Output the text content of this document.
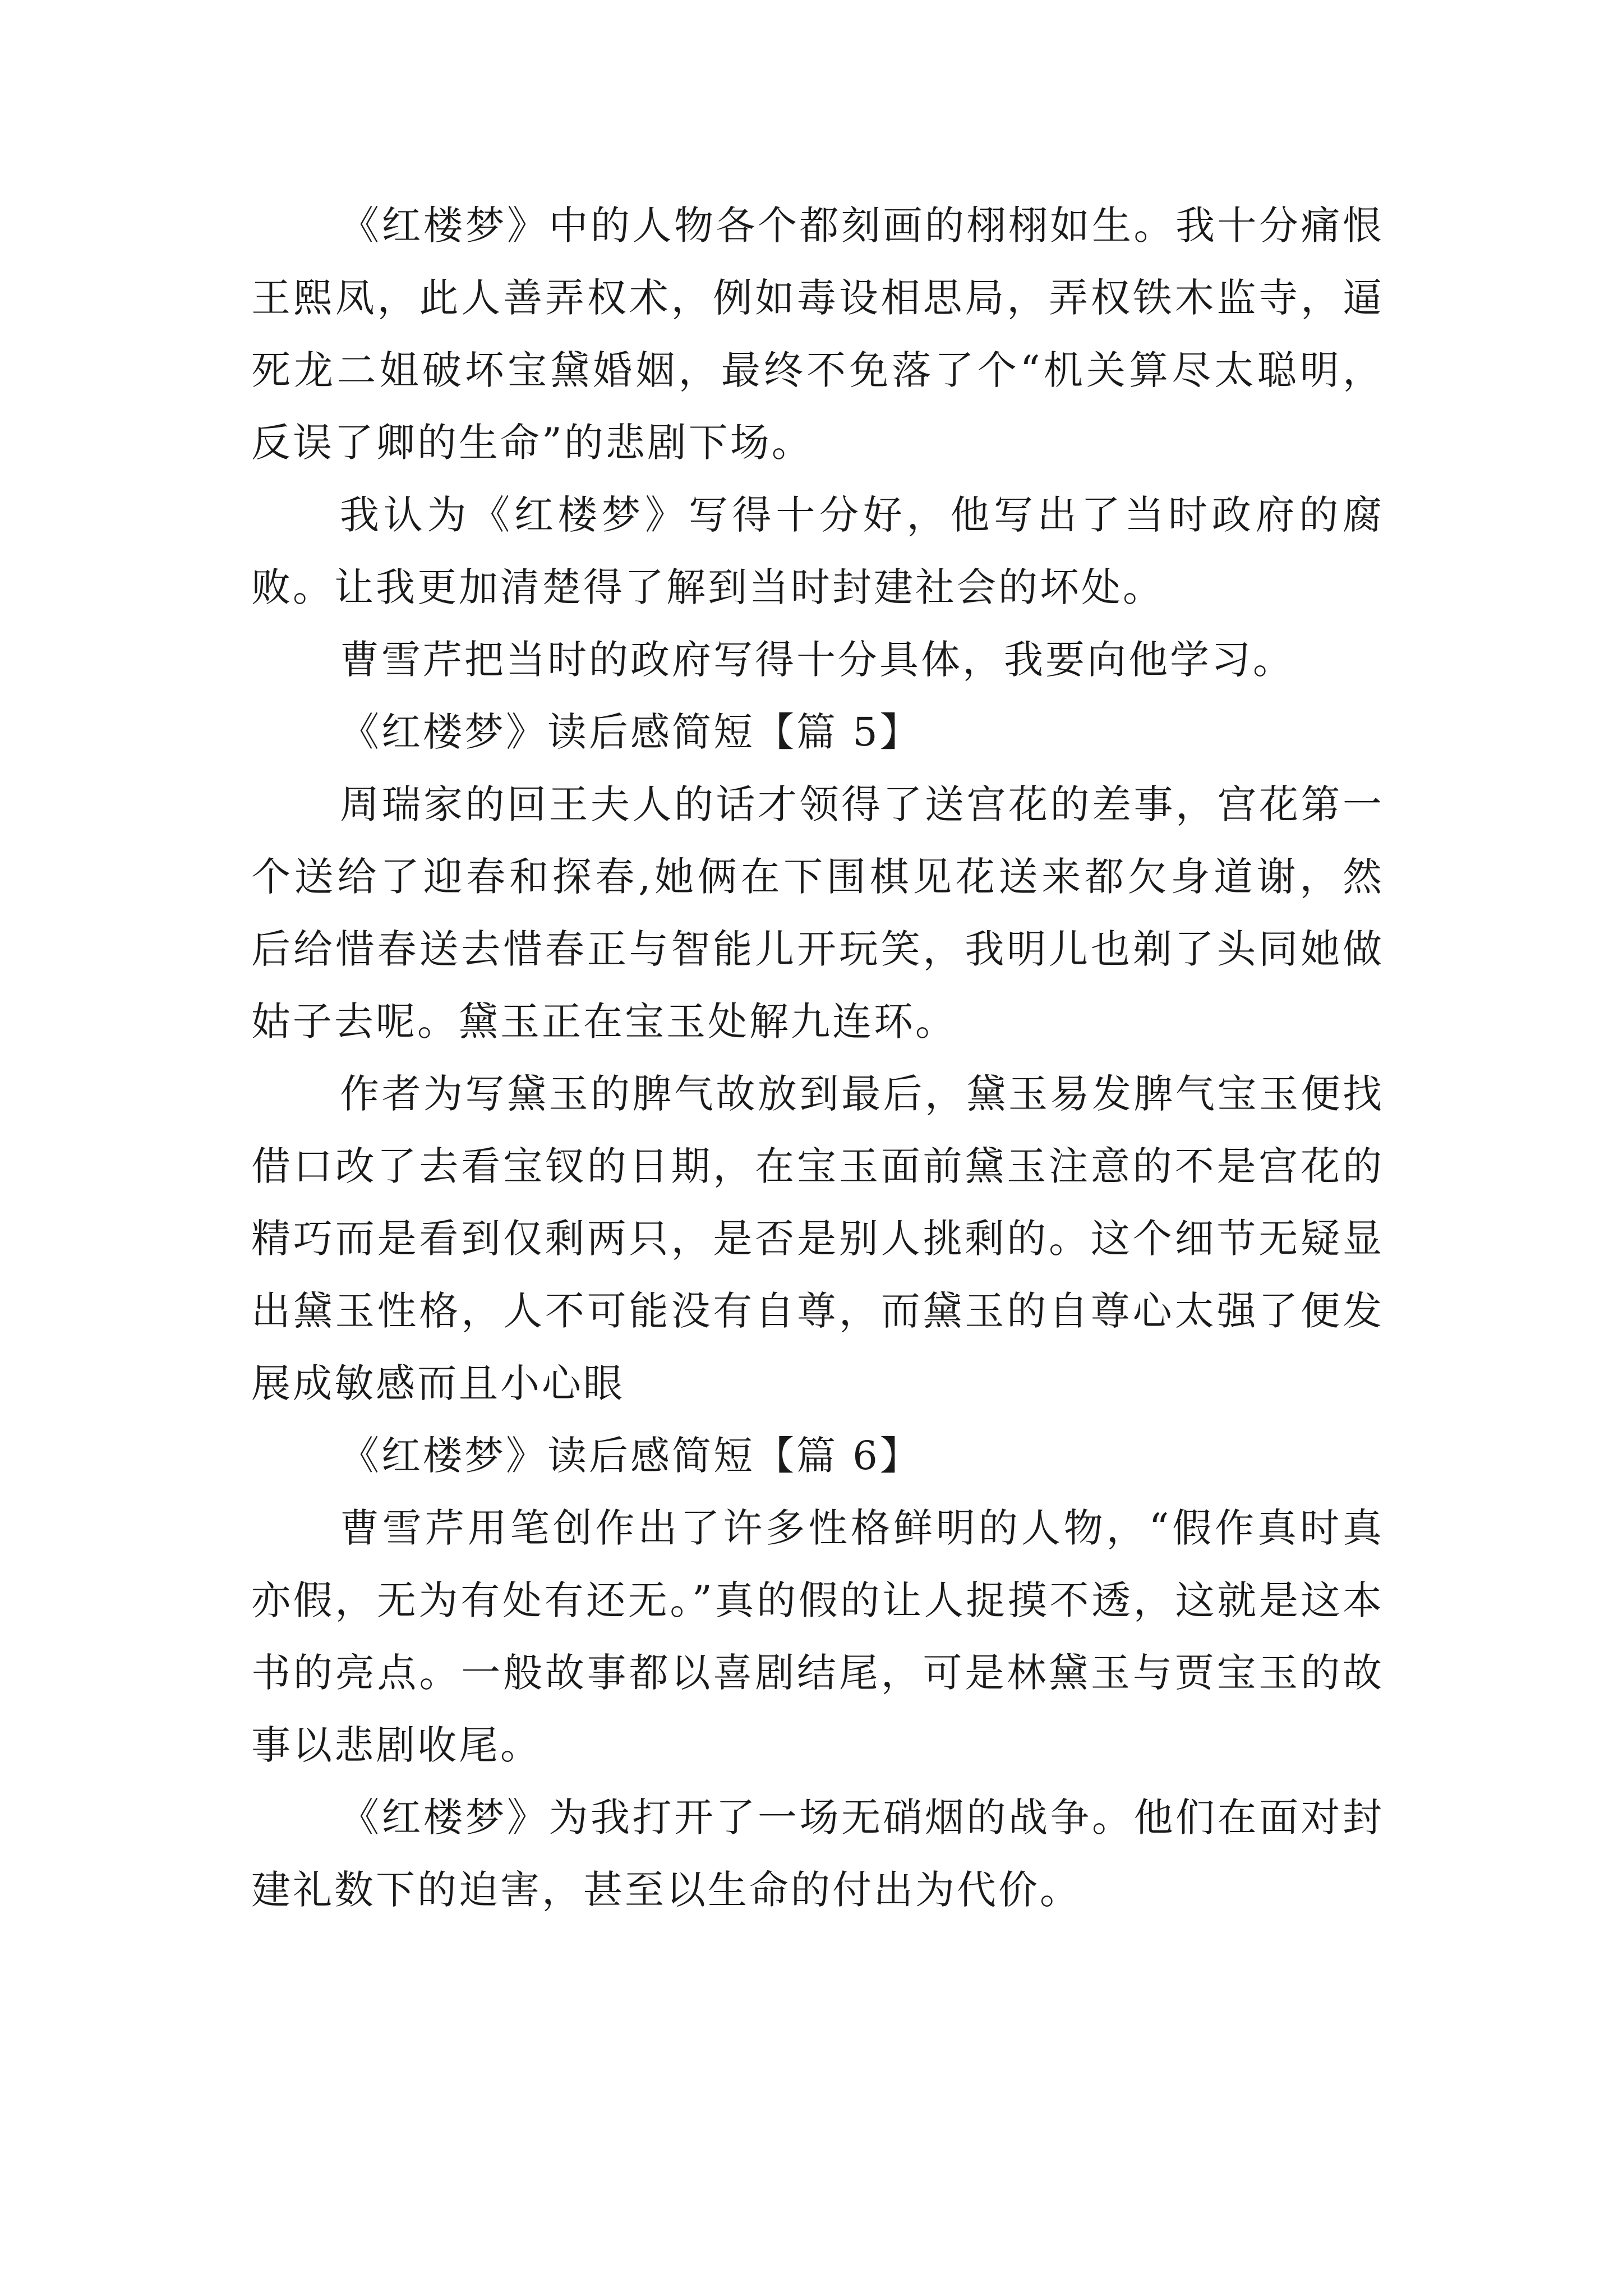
《红楼梦》中的人物各个都刻画的栩栩如生。我十分痛恨王熙凤，此人善弄权术，例如毒设相思局，弄权铁木监寺，逼死龙二姐破坏宝黛婚姻，最终不免落了个“机关算尽太聪明，反误了卿的生命”的悲剧下场。

我认为《红楼梦》写得十分好，他写出了当时政府的腐败。让我更加清楚得了解到当时封建社会的坏处。

曹雪芹把当时的政府写得十分具体，我要向他学习。

《红楼梦》读后感简短【篇 5】

周瑞家的回王夫人的话才领得了送宫花的差事，宫花第一个送给了迎春和探春,她俩在下围棋见花送来都欠身道谢，然后给惜春送去惜春正与智能儿开玩笑，我明儿也剃了头同她做姑子去呢。黛玉正在宝玉处解九连环。

作者为写黛玉的脾气故放到最后，黛玉易发脾气宝玉便找借口改了去看宝钗的日期，在宝玉面前黛玉注意的不是宫花的精巧而是看到仅剩两只，是否是别人挑剩的。这个细节无疑显出黛玉性格，人不可能没有自尊，而黛玉的自尊心太强了便发展成敏感而且小心眼

《红楼梦》读后感简短【篇 6】

曹雪芹用笔创作出了许多性格鲜明的人物，“假作真时真亦假，无为有处有还无。”真的假的让人捉摸不透，这就是这本书的亮点。一般故事都以喜剧结尾，可是林黛玉与贾宝玉的故事以悲剧收尾。

《红楼梦》为我打开了一场无硝烟的战争。他们在面对封建礼数下的迫害，甚至以生命的付出为代价。
